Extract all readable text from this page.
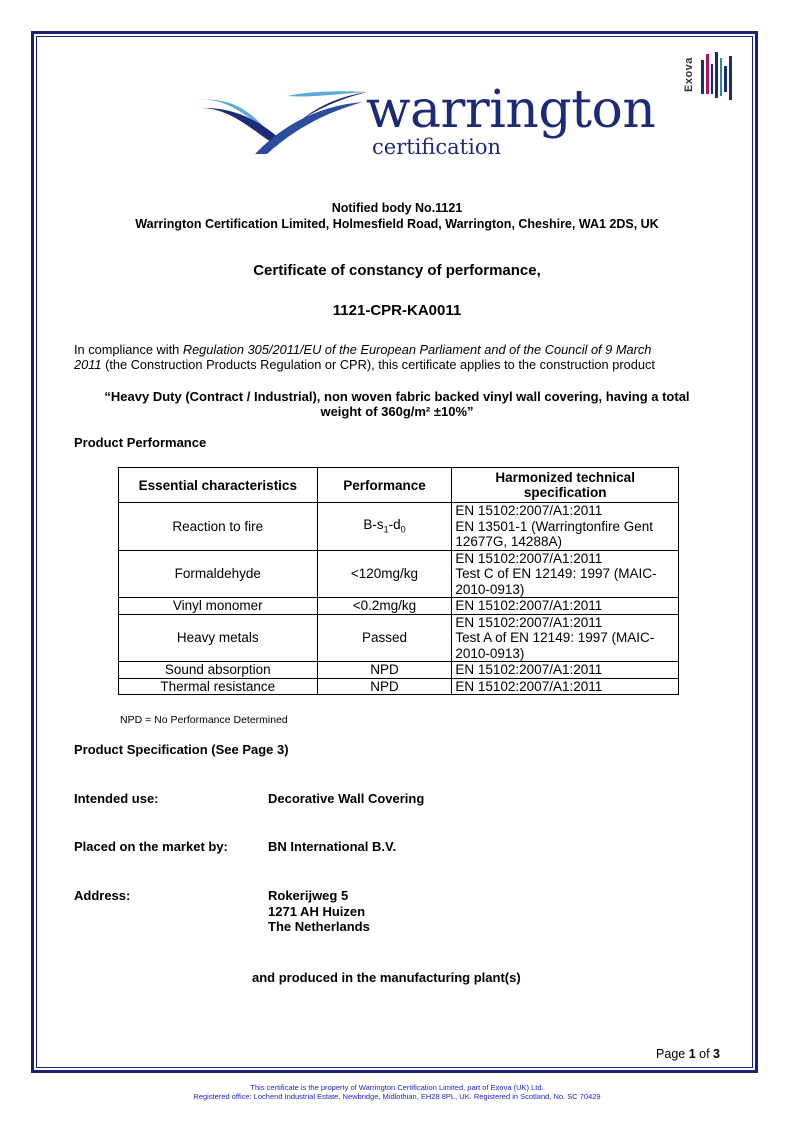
warrington
certification
Exova
Notified body No.1121
Warrington Certification Limited, Holmesfield Road, Warrington, Cheshire, WA1 2DS, UK
Certificate of constancy of performance,
1121-CPR-KA0011
In compliance with Regulation 305/2011/EU of the European Parliament and of the Council of 9 March
2011 (the Construction Products Regulation or CPR), this certificate applies to the construction product
“Heavy Duty (Contract / Industrial), non woven fabric backed vinyl wall covering, having a total
weight of 360g/m² ±10%”
Product Performance
Essential characteristics	Performance	Harmonized technical specification
Reaction to fire	$B-s_1-d_0$	EN 15102:2007/A1:2011
EN 13501-1 (Warringtonfire Gent
12677G, 14288A)

Formaldehyde	<120mg/kg	EN 15102:2007/A1:2011
Test C of EN 12149: 1997 (MAIC-
2010-0913)

Vinyl monomer	<0.2mg/kg	EN 15102:2007/A1:2011

Heavy metals	Passed	EN 15102:2007/A1:2011
Test A of EN 12149: 1997 (MAIC-
2010-0913)

Sound absorption	NPD	EN 15102:2007/A1:2011

Thermal resistance	NPD	EN 15102:2007/A1:2011
NPD = No Performance Determined
Product Specification (See Page 3)
Intended use:	Decorative Wall Covering
Placed on the market by:	BN International B.V.
Address:	Rokerijweg 5
1271 AH Huizen
The Netherlands
and produced in the manufacturing plant(s)
Page 1 of 3
This certificate is the property of Warrington Certification Limited, part of Exova (UK) Ltd.
Registered office: Lochend Industrial Estate, Newbridge, Midlothian, EH28 8PL, UK. Registered in Scotland, No. SC 70429
